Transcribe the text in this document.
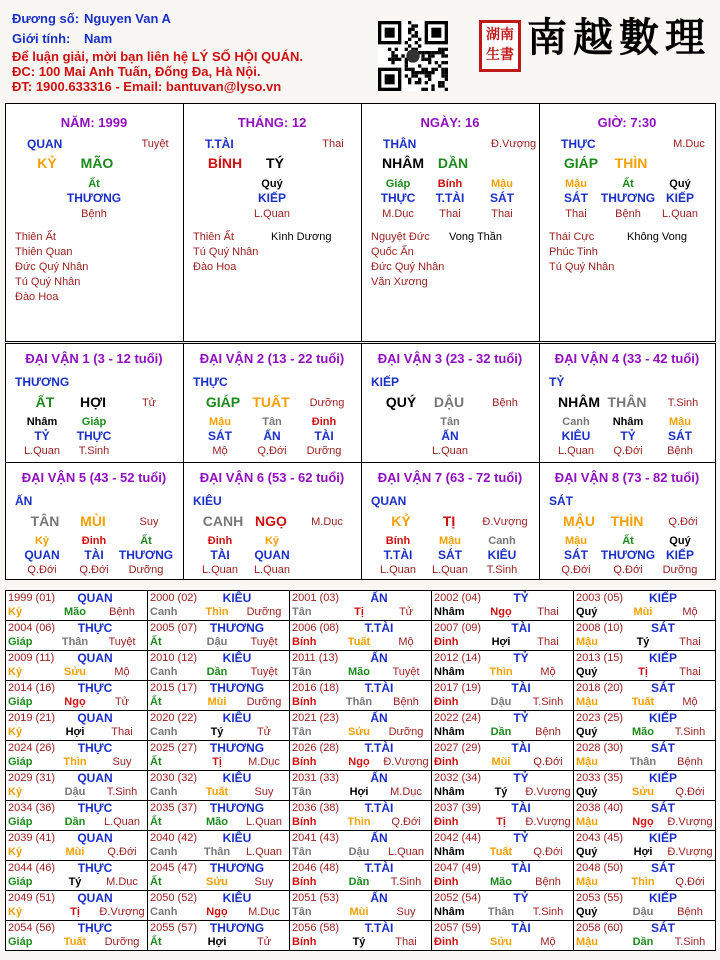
Đương số: Nguyen Van A
Giới tính: Nam
Để luận giải, mời bạn liên hệ LÝ SỐ HỘI QUÁN.
ĐC: 100 Mai Anh Tuấn, Đống Đa, Hà Nội.
ĐT: 1900.633316 - Email: bantuvan@lyso.vn
湖南
生書 南越數理
NĂM: 1999
QUAN	Tuyệt
KỶ	MÃO
Ất
THƯƠNG
Bệnh
Thiên Ất
Thiên Quan
Đức Quý Nhân
Tú Quý Nhân
Đào Hoa
THÁNG: 12
T.TÀI	Thai
BÍNH	TÝ
Quý
KIẾP
L.Quan
Thiên Ất
Tú Quý Nhân
Đào Hoa
Kình Dương
NGÀY: 16
THÂN	Đ.Vượng
NHÂM DẦN
Giáp
THỰC
M.Dục
Bính
T.TÀI
Thai
Mậu
SÁT
Thai
Nguyệt Đức
Quốc Ấn
Đức Quý Nhân
Văn Xương
Vong Thần
GIỜ: 7:30
THỰC	M.Dục
GIÁP	THÌN
Mậu
SÁT
Thai
Ất
THƯƠNG
Bệnh
Quý
KIẾP
L.Quan
Thái Cực
Phúc Tinh
Tú Quý Nhân
Không Vong
ĐẠI VẬN 1 (3 - 12 tuổi)
THƯƠNG
ẤT	HỢI	Tử
Nhâm
TỶ
L.Quan
Giáp
THỰC
T.Sinh
ĐẠI VẬN 2 (13 - 22 tuổi)
THỰC
GIÁP TUẤT	Dưỡng
Mậu
SÁT
Mộ
Tân
ẤN
Q.Đới
Đinh
TÀI
Dưỡng
ĐẠI VẬN 3 (23 - 32 tuổi)
KIẾP
QUÝ	DẬU	Bệnh
Tân
ẤN
L.Quan
ĐẠI VẬN 4 (33 - 42 tuổi)
TỶ
NHÂM THÂN	T.Sinh
Canh
KIÊU
L.Quan
Nhâm
TỶ
Q.Đới
Mậu
SÁT
Bệnh
ĐẠI VẬN 5 (43 - 52 tuổi)
ẤN
TÂN	MÙI	Suy
Kỷ
QUAN
Q.Đới
Đinh
TÀI
Q.Đới
Ất
THƯƠNG
Dưỡng
ĐẠI VẬN 6 (53 - 62 tuổi)
KIÊU
CANH NGỌ	M.Dục
Đinh
TÀI
L.Quan
Kỷ
QUAN
L.Quan
ĐẠI VẬN 7 (63 - 72 tuổi)
QUAN
KỶ	TỊ	Đ.Vượng
Bính
T.TÀI
L.Quan
Mậu
SÁT
L.Quan
Canh
KIÊU
T.Sinh
ĐẠI VẬN 8 (73 - 82 tuổi)
SÁT
MẬU	THÌN	Q.Đới
Mậu
SÁT
Q.Đới
Ất
THƯƠNG
Q.Đới
Quý
KIẾP
Dưỡng
1999 (01)	QUAN
Kỷ	Mão	Bệnh
2000 (02)	KIÊU
Canh	Thìn	Dưỡng
2001 (03)	ẤN
Tân	Tị	Tử
2002 (04)	TỶ
Nhâm	Ngọ	Thai
2003 (05)	KIẾP
Quý	Mùi	Mộ
2004 (06)	THỰC
Giáp	Thân	Tuyệt
2005 (07) THƯƠNG
Ất	Dậu	Tuyệt
2006 (08)	T.TÀI
Bính	Tuất	Mộ
2007 (09)	TÀI
Đinh	Hợi	Thai
2008 (10)	SÁT
Mậu	Tý	Thai
2009 (11)	QUAN
Kỷ	Sửu	Mộ
2010 (12)	KIÊU
Canh	Dần	Tuyệt
2011 (13)	ẤN
Tân	Mão	Tuyệt
2012 (14)	TỶ
Nhâm	Thìn	Mộ
2013 (15)	KIẾP
Quý	Tị	Thai
2014 (16)	THỰC
Giáp	Ngọ	Tử
2015 (17) THƯƠNG
Ất	Mùi	Dưỡng
2016 (18)	T.TÀI
Bính	Thân	Bệnh
2017 (19)	TÀI
Đinh	Dậu	T.Sinh
2018 (20)	SÁT
Mậu	Tuất	Mộ
2019 (21)	QUAN
Kỷ	Hợi	Thai
2020 (22)	KIÊU
Canh	Tý	Tử
2021 (23)	ẤN
Tân	Sửu	Dưỡng
2022 (24)	TỶ
Nhâm	Dần	Bệnh
2023 (25)	KIẾP
Quý	Mão	T.Sinh
2024 (26)	THỰC
Giáp	Thìn	Suy
2025 (27) THƯƠNG
Ất	Tị	M.Dục
2026 (28)	T.TÀI
Bính	Ngọ	Đ.Vượng
2027 (29)	TÀI
Đinh	Mùi	Q.Đới
2028 (30)	SÁT
Mậu	Thân	Bệnh
2029 (31)	QUAN
Kỷ	Dậu	T.Sinh
2030 (32)	KIÊU
Canh	Tuất	Suy
2031 (33)	ẤN
Tân	Hợi	M.Dục
2032 (34)	TỶ
Nhâm	Tý	Đ.Vượng
2033 (35)	KIẾP
Quý	Sửu	Q.Đới
2034 (36)	THỰC
Giáp	Dần	L.Quan
2035 (37) THƯƠNG
Ất	Mão	L.Quan
2036 (38)	T.TÀI
Bính	Thìn	Q.Đới
2037 (39)	TÀI
Đinh	Tị	Đ.Vượng
2038 (40)	SÁT
Mậu	Ngọ	Đ.Vượng
2039 (41)	QUAN
Kỷ	Mùi	Q.Đới
2040 (42)	KIÊU
Canh	Thân	L.Quan
2041 (43)	ẤN
Tân	Dậu	L.Quan
2042 (44)	TỶ
Nhâm	Tuất	Q.Đới
2043 (45)	KIẾP
Quý	Hợi	Đ.Vượng
2044 (46)	THỰC
Giáp	Tý	M.Dục
2045 (47) THƯƠNG
Ất	Sửu	Suy
2046 (48)	T.TÀI
Bính	Dần	T.Sinh
2047 (49)	TÀI
Đinh	Mão	Bệnh
2048 (50)	SÁT
Mậu	Thìn	Q.Đới
2049 (51)	QUAN
Kỷ	Tị	Đ.Vượng
2050 (52)	KIÊU
Canh	Ngọ	M.Dục
2051 (53)	ẤN
Tân	Mùi	Suy
2052 (54)	TỶ
Nhâm	Thân	T.Sinh
2053 (55)	KIẾP
Quý	Dậu	Bệnh
2054 (56)	THỰC
Giáp	Tuất	Dưỡng
2055 (57) THƯƠNG
Ất	Hợi	Tử
2056 (58)	T.TÀI
Bính	Tý	Thai
2057 (59)	TÀI
Đinh	Sửu	Mộ
2058 (60)	SÁT
Mậu	Dần	T.Sinh
